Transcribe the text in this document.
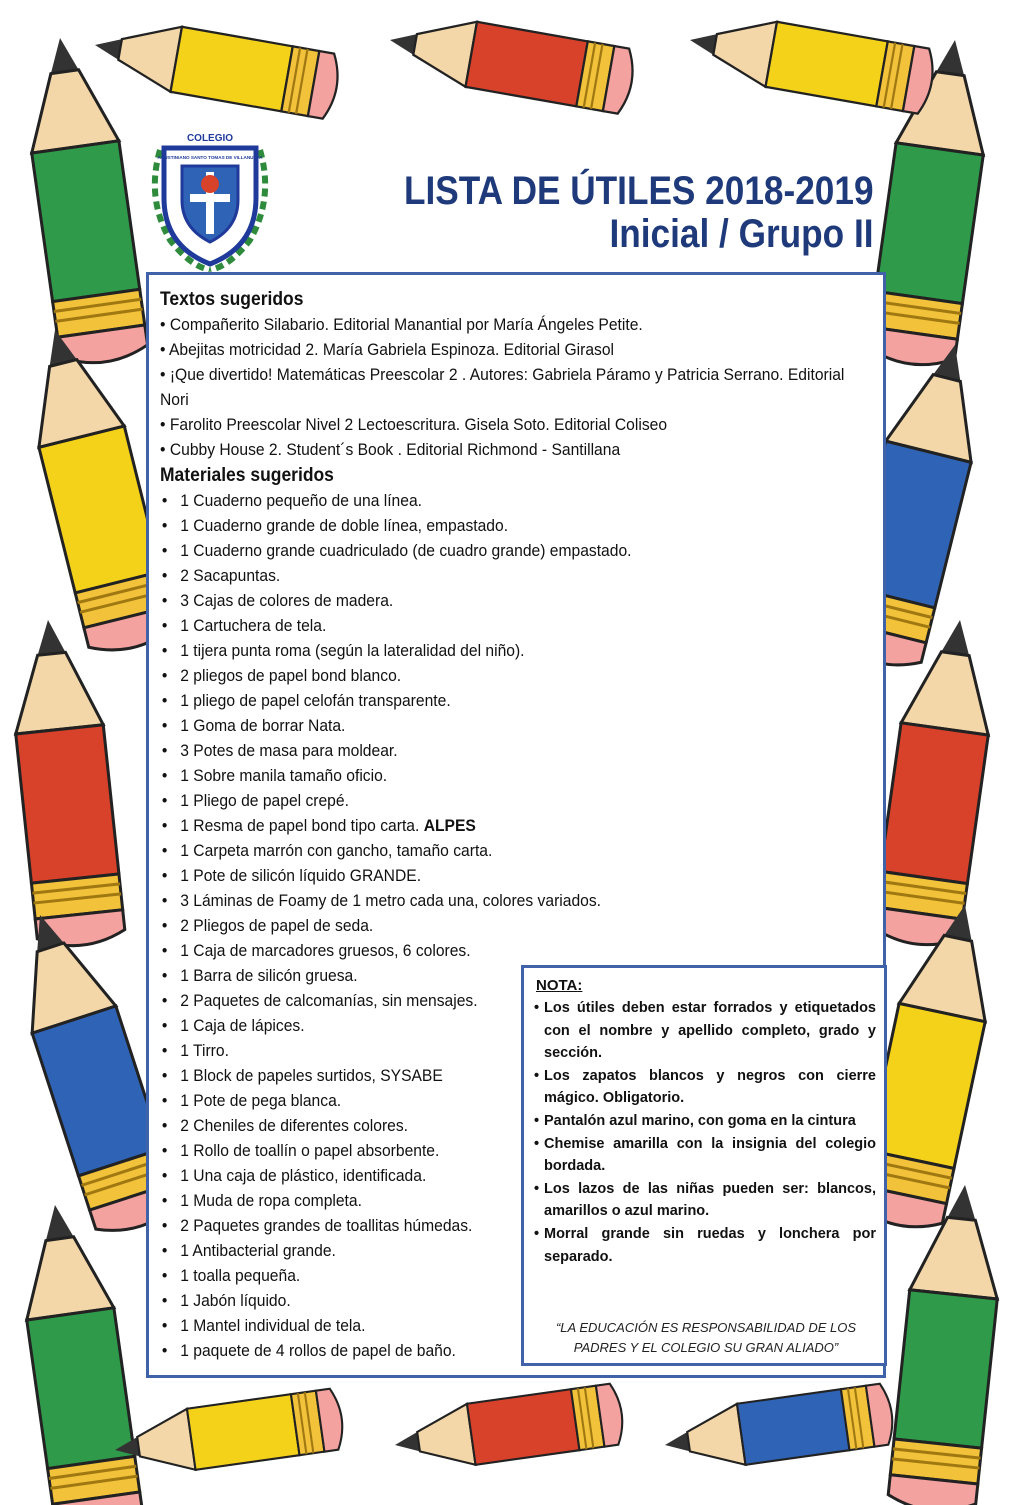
COLEGIO
AGUSTINIANO SANTO TOMAS DE VILLANUEVA
LISTA DE ÚTILES 2018-2019
Inicial / Grupo II
Textos sugeridos
• Compañerito Silabario. Editorial Manantial por María Ángeles Petite.
• Abejitas motricidad 2. María Gabriela Espinoza. Editorial Girasol
• ¡Que divertido! Matemáticas Preescolar 2 . Autores: Gabriela Páramo y Patricia Serrano. Editorial Nori
• Farolito Preescolar Nivel 2 Lectoescritura. Gisela Soto. Editorial Coliseo
• Cubby House 2. Student´s Book . Editorial Richmond - Santillana
Materiales sugeridos
• 1 Cuaderno pequeño de una línea.
• 1 Cuaderno grande de doble línea, empastado.
• 1 Cuaderno grande cuadriculado (de cuadro grande) empastado.
• 2 Sacapuntas.
• 3 Cajas de colores de madera.
• 1 Cartuchera de tela.
• 1 tijera punta roma (según la lateralidad del niño).
• 2 pliegos de papel bond blanco.
• 1 pliego de papel celofán transparente.
• 1 Goma de borrar Nata.
• 3 Potes de masa para moldear.
• 1 Sobre manila tamaño oficio.
• 1 Pliego de papel crepé.
• 1 Resma de papel bond tipo carta. ALPES
• 1 Carpeta marrón con gancho, tamaño carta.
• 1 Pote de silicón líquido GRANDE.
• 3 Láminas de Foamy de 1 metro cada una, colores variados.
• 2 Pliegos de papel de seda.
• 1 Caja de marcadores gruesos, 6 colores.
• 1 Barra de silicón gruesa.
• 2 Paquetes de calcomanías, sin mensajes.
• 1 Caja de lápices.
• 1 Tirro.
• 1 Block de papeles surtidos, SYSABE
• 1 Pote de pega blanca.
• 2 Cheniles de diferentes colores.
• 1 Rollo de toallín o papel absorbente.
• 1 Una caja de plástico, identificada.
• 1 Muda de ropa completa.
• 2 Paquetes grandes de toallitas húmedas.
• 1 Antibacterial grande.
• 1 toalla pequeña.
• 1 Jabón líquido.
• 1 Mantel individual de tela.
• 1 paquete de 4 rollos de papel de baño.
NOTA:
• Los útiles deben estar forrados y etiquetados con el nombre y apellido completo, grado y sección.
• Los zapatos blancos y negros con cierre mágico. Obligatorio.
• Pantalón azul marino, con goma en la cintura
• Chemise amarilla con la insignia del colegio bordada.
• Los lazos de las niñas pueden ser: blancos, amarillos o azul marino.
• Morral grande sin ruedas y lonchera por separado.
“LA EDUCACIÓN ES RESPONSABILIDAD DE LOS
PADRES Y EL COLEGIO SU GRAN ALIADO”
